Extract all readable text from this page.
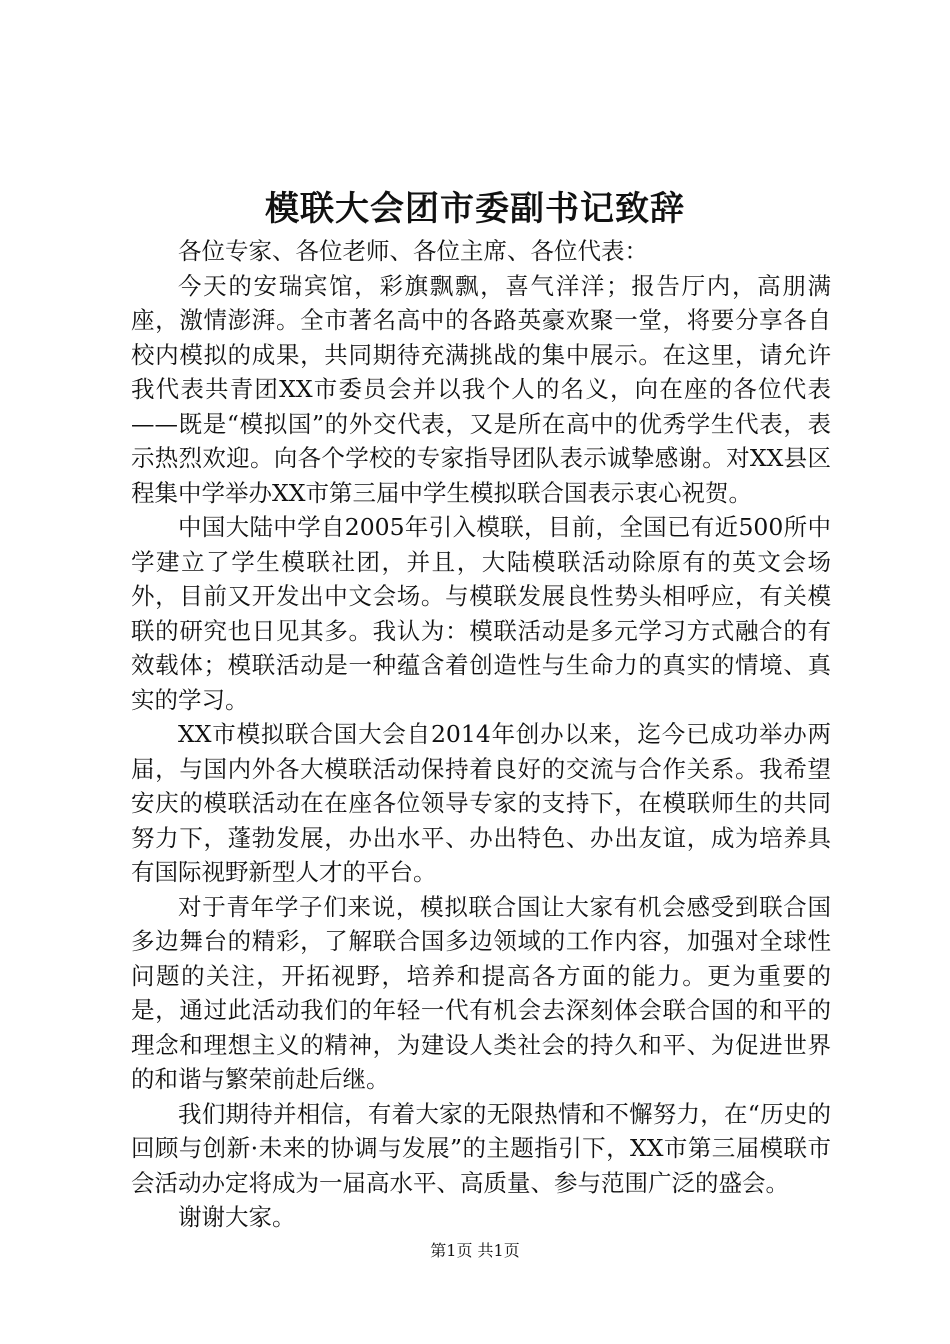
模联大会团市委副书记致辞

各位专家、各位老师、各位主席、各位代表：

今天的安瑞宾馆，彩旗飘飘，喜气洋洋；报告厅内，高朋满座，激情澎湃。全市著名高中的各路英豪欢聚一堂，将要分享各自校内模拟的成果，共同期待充满挑战的集中展示。在这里，请允许我代表共青团XX市委员会并以我个人的名义，向在座的各位代表——既是“模拟国”的外交代表，又是所在高中的优秀学生代表，表示热烈欢迎。向各个学校的专家指导团队表示诚挚感谢。对XX县区程集中学举办XX市第三届中学生模拟联合国表示衷心祝贺。

中国大陆中学自2005年引入模联，目前，全国已有近500所中学建立了学生模联社团，并且，大陆模联活动除原有的英文会场外，目前又开发出中文会场。与模联发展良性势头相呼应，有关模联的研究也日见其多。我认为：模联活动是多元学习方式融合的有效载体；模联活动是一种蕴含着创造性与生命力的真实的情境、真实的学习。

XX市模拟联合国大会自2014年创办以来，迄今已成功举办两届，与国内外各大模联活动保持着良好的交流与合作关系。我希望安庆的模联活动在在座各位领导专家的支持下，在模联师生的共同努力下，蓬勃发展，办出水平、办出特色、办出友谊，成为培养具有国际视野新型人才的平台。

对于青年学子们来说，模拟联合国让大家有机会感受到联合国多边舞台的精彩，了解联合国多边领域的工作内容，加强对全球性问题的关注，开拓视野，培养和提高各方面的能力。更为重要的是，通过此活动我们的年轻一代有机会去深刻体会联合国的和平的理念和理想主义的精神，为建设人类社会的持久和平、为促进世界的和谐与繁荣前赴后继。

我们期待并相信，有着大家的无限热情和不懈努力，在“历史的回顾与创新·未来的协调与发展”的主题指引下，XX市第三届模联市会活动办定将成为一届高水平、高质量、参与范围广泛的盛会。

谢谢大家。

第1页 共1页
